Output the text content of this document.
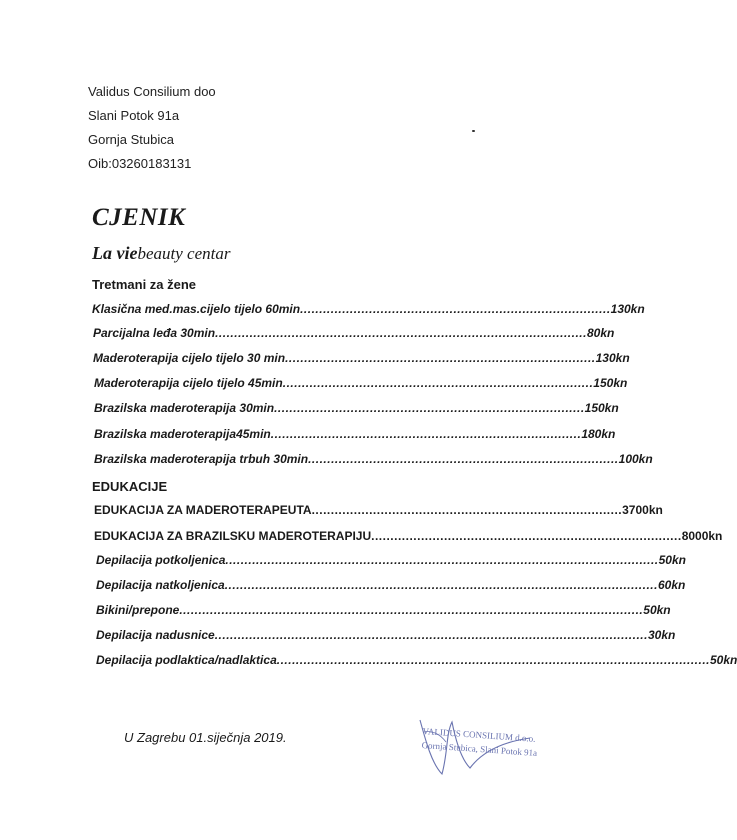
Validus Consilium doo
Slani Potok 91a
Gornja Stubica
Oib:03260183131
CJENIK
La viebeauty centar
Tretmani za žene
Klasična med.mas.cijelo tijelo 60min ................................................................................. 130kn
Parcijalna leđa 30min ................................................................................................. 80kn
Maderoterapija cijelo tijelo 30 min ................................................................................. 130kn
Maderoterapija cijelo tijelo 45min ................................................................................. 150kn
Brazilska maderoterapija 30min ................................................................................. 150kn
Brazilska maderoterapija45min ................................................................................. 180kn
Brazilska maderoterapija trbuh 30min ................................................................................. 100kn
EDUKACIJE
EDUKACIJA ZA MADEROTERAPEUTA ................................................................................. 3700kn
EDUKACIJA ZA BRAZILSKU MADEROTERAPIJU ................................................................................. 8000kn
Depilacija potkoljenica ................................................................................................................. 50kn
Depilacija natkoljenica ................................................................................................................. 60kn
Bikini/prepone ......................................................................................................................... 50kn
Depilacija nadusnice ................................................................................................................. 30kn
Depilacija podlaktica/nadlaktica ................................................................................................................. 50kn
U Zagrebu 01.siječnja 2019.	VALIDUS CONSILIUM d.o.o.
Gornja Stubica, Slani Potok 91a
